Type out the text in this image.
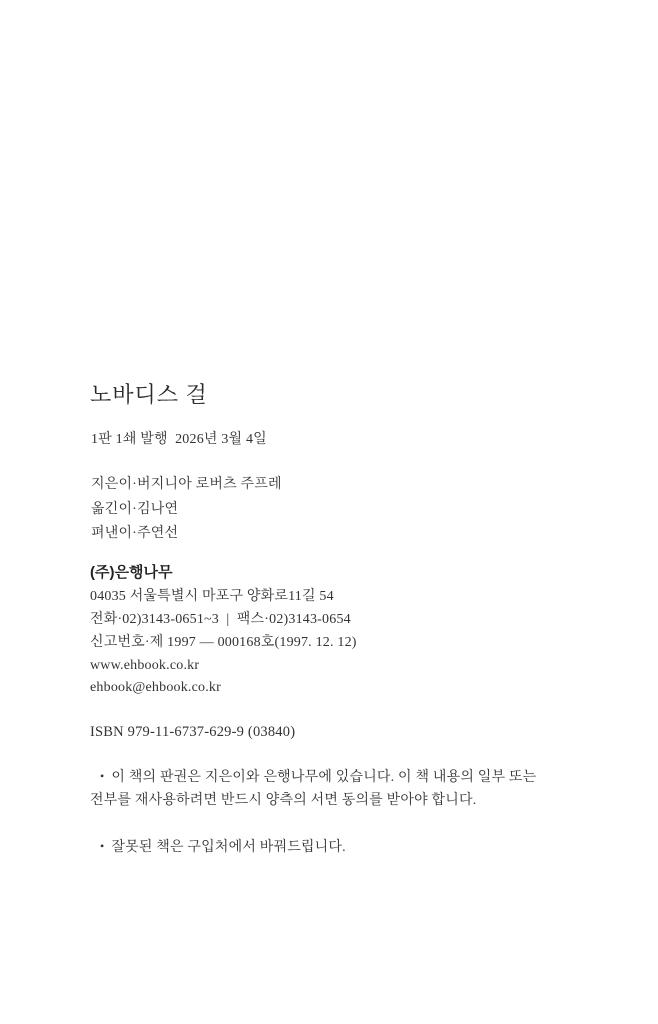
노바디스 걸
1판 1쇄 발행  2026년 3월 4일
지은이·버지니아 로버츠 주프레
옮긴이·김나연
펴낸이·주연선
(주)은행나무
04035 서울특별시 마포구 양화로11길 54
전화·02)3143-0651~3  |  팩스·02)3143-0654
신고번호·제 1997 — 000168호(1997. 12. 12)
www.ehbook.co.kr
ehbook@ehbook.co.kr
ISBN 979-11-6737-629-9 (03840)
• 이 책의 판권은 지은이와 은행나무에 있습니다. 이 책 내용의 일부 또는
전부를 재사용하려면 반드시 양측의 서면 동의를 받아야 합니다.
• 잘못된 책은 구입처에서 바꿔드립니다.
